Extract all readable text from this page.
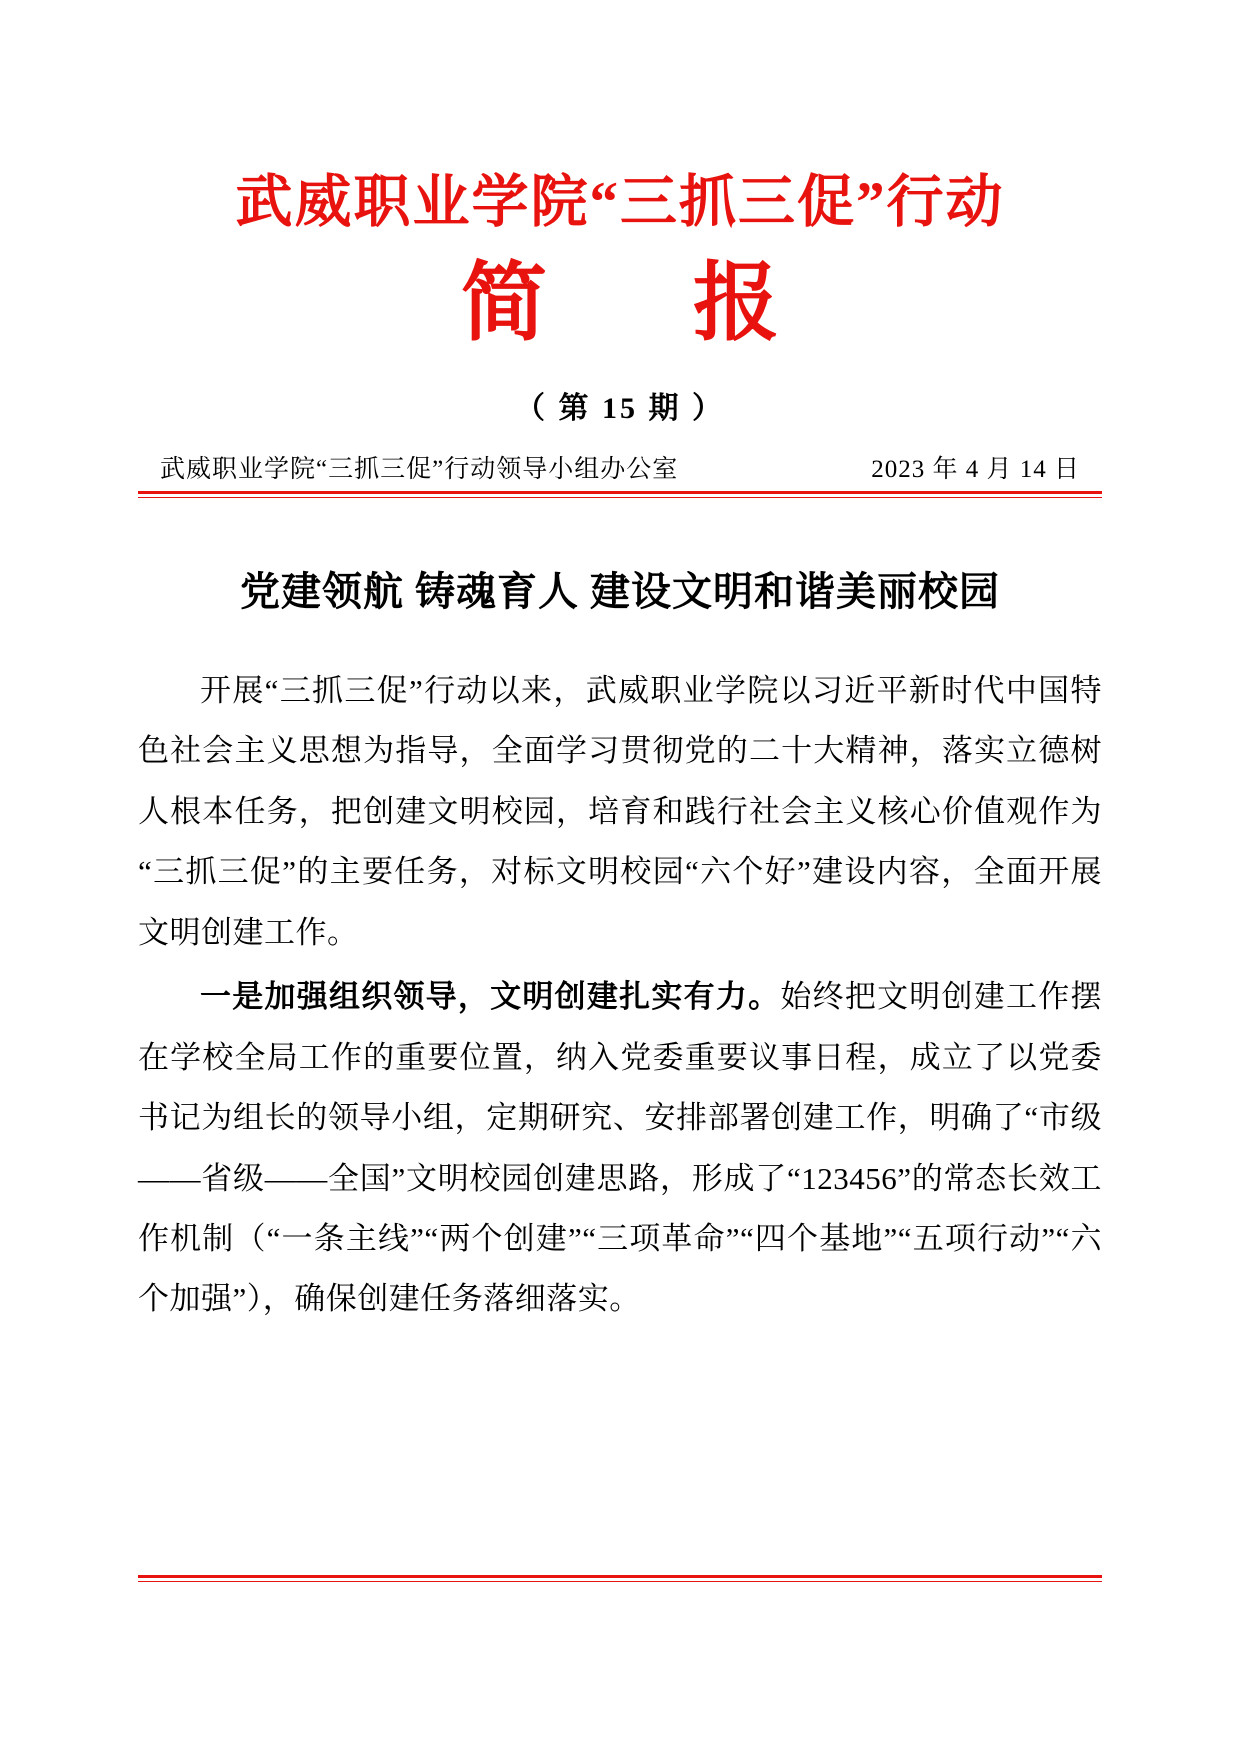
武威职业学院“三抓三促”行动
简　报
（ 第 15 期 ）
武威职业学院“三抓三促”行动领导小组办公室	2023 年 4 月 14 日
党建领航 铸魂育人 建设文明和谐美丽校园

开展“三抓三促”行动以来，武威职业学院以习近平新时代中国特色社会主义思想为指导，全面学习贯彻党的二十大精神，落实立德树人根本任务，把创建文明校园，培育和践行社会主义核心价值观作为“三抓三促”的主要任务，对标文明校园“六个好”建设内容，全面开展文明创建工作。

一是加强组织领导，文明创建扎实有力。始终把文明创建工作摆在学校全局工作的重要位置，纳入党委重要议事日程，成立了以党委书记为组长的领导小组，定期研究、安排部署创建工作，明确了“市级——省级——全国”文明校园创建思路，形成了“123456”的常态长效工作机制（“一条主线”“两个创建”“三项革命”“四个基地”“五项行动”“六个加强”），确保创建任务落细落实。
